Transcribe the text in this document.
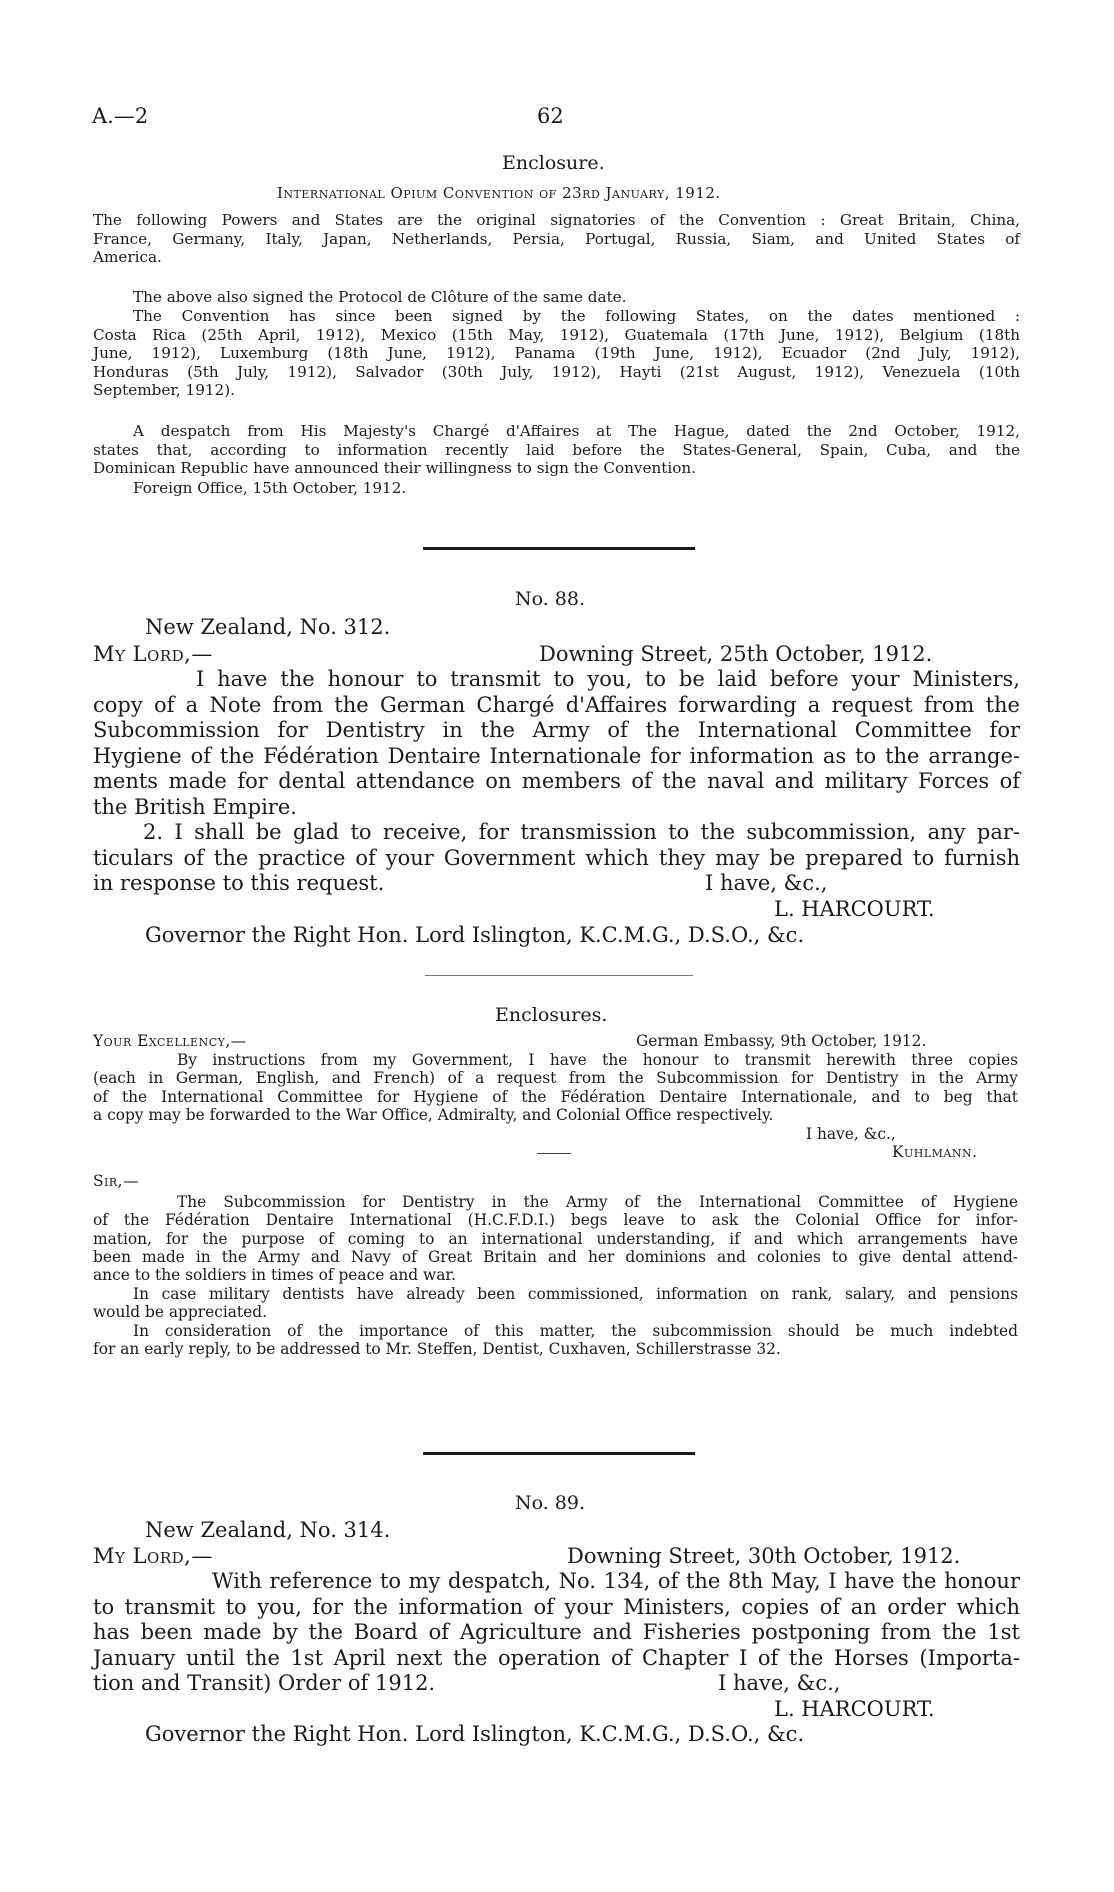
A.—2	62
Enclosure.
International Opium Convention of 23rd January, 1912.
The following Powers and States are the original signatories of the Convention : Great Britain, China,
France, Germany, Italy, Japan, Netherlands, Persia, Portugal, Russia, Siam, and United States of
America.
The above also signed the Protocol de Clôture of the same date.
The Convention has since been signed by the following States, on the dates mentioned :
Costa Rica (25th April, 1912), Mexico (15th May, 1912), Guatemala (17th June, 1912), Belgium (18th
June, 1912), Luxemburg (18th June, 1912), Panama (19th June, 1912), Ecuador (2nd July, 1912),
Honduras (5th July, 1912), Salvador (30th July, 1912), Hayti (21st August, 1912), Venezuela (10th
September, 1912).
A despatch from His Majesty's Chargé d'Affaires at The Hague, dated the 2nd October, 1912,
states that, according to information recently laid before the States-General, Spain, Cuba, and the
Dominican Republic have announced their willingness to sign the Convention.
Foreign Office, 15th October, 1912.
No. 88.
New Zealand, No. 312.
My Lord,—	Downing Street, 25th October, 1912.
I have the honour to transmit to you, to be laid before your Ministers,
copy of a Note from the German Chargé d'Affaires forwarding a request from the
Subcommission for Dentistry in the Army of the International Committee for
Hygiene of the Fédération Dentaire Internationale for information as to the arrange-
ments made for dental attendance on members of the naval and military Forces of
the British Empire.
2. I shall be glad to receive, for transmission to the subcommission, any par-
ticulars of the practice of your Government which they may be prepared to furnish
in response to this request.	I have, &c.,
L. HARCOURT.
Governor the Right Hon. Lord Islington, K.C.M.G., D.S.O., &c.
Enclosures.
Your Excellency,—	German Embassy, 9th October, 1912.
By instructions from my Government, I have the honour to transmit herewith three copies
(each in German, English, and French) of a request from the Subcommission for Dentistry in the Army
of the International Committee for Hygiene of the Fédération Dentaire Internationale, and to beg that
a copy may be forwarded to the War Office, Admiralty, and Colonial Office respectively.
I have, &c.,
Kuhlmann.
Sir,—
The Subcommission for Dentistry in the Army of the International Committee of Hygiene
of the Fédération Dentaire International (H.C.F.D.I.) begs leave to ask the Colonial Office for infor-
mation, for the purpose of coming to an international understanding, if and which arrangements have
been made in the Army and Navy of Great Britain and her dominions and colonies to give dental attend-
ance to the soldiers in times of peace and war.
In case military dentists have already been commissioned, information on rank, salary, and pensions
would be appreciated.
In consideration of the importance of this matter, the subcommission should be much indebted
for an early reply, to be addressed to Mr. Steffen, Dentist, Cuxhaven, Schillerstrasse 32.
No. 89.
New Zealand, No. 314.
My Lord,—	Downing Street, 30th October, 1912.
With reference to my despatch, No. 134, of the 8th May, I have the honour
to transmit to you, for the information of your Ministers, copies of an order which
has been made by the Board of Agriculture and Fisheries postponing from the 1st
January until the 1st April next the operation of Chapter I of the Horses (Importa-
tion and Transit) Order of 1912.	I have, &c.,
L. HARCOURT.
Governor the Right Hon. Lord Islington, K.C.M.G., D.S.O., &c.
